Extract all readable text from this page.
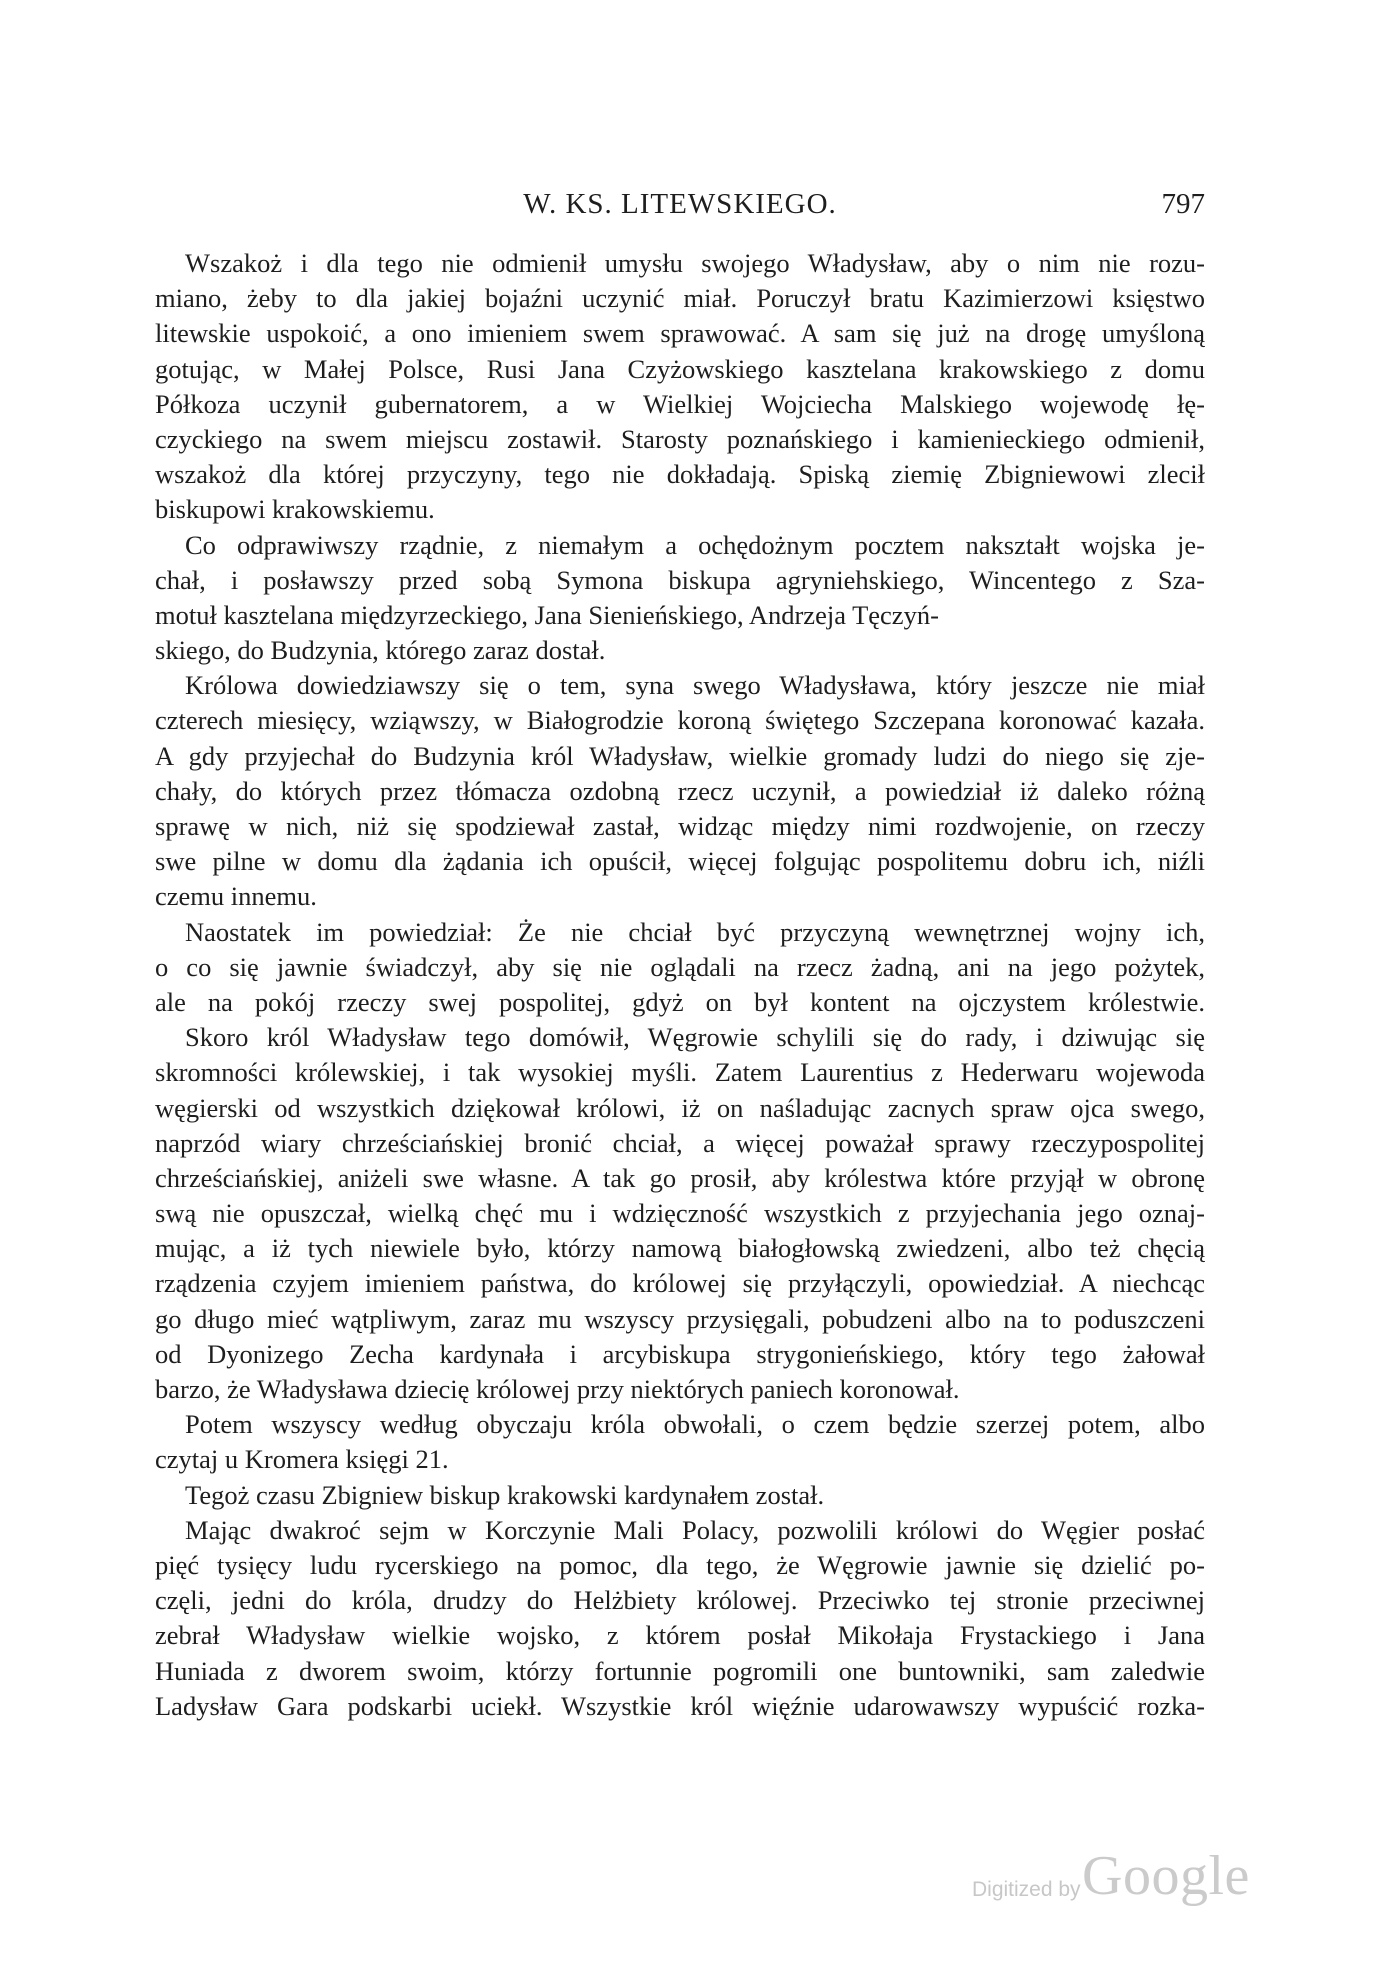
W. KS. LITEWSKIEGO.	797
Wszakoż i dla tego nie odmienił umysłu swojego Władysław, aby o nim nie rozu-
miano, żeby to dla jakiej bojaźni uczynić miał. Poruczył bratu Kazimierzowi księstwo
litewskie uspokoić, a ono imieniem swem sprawować. A sam się już na drogę umyśloną
gotując, w Małej Polsce, Rusi Jana Czyżowskiego kasztelana krakowskiego z domu
Półkoza uczynił gubernatorem, a w Wielkiej Wojciecha Malskiego wojewodę łę-
czyckiego na swem miejscu zostawił. Starosty poznańskiego i kamienieckiego odmienił,
wszakoż dla której przyczyny, tego nie dokładają. Spiską ziemię Zbigniewowi zlecił
biskupowi krakowskiemu.
Co odprawiwszy rządnie, z niemałym a ochędożnym pocztem nakształt wojska je-
chał, i posławszy przed sobą Symona biskupa agryniehskiego, Wincentego z Sza-
motuł kasztelana międzyrzeckiego, Jana Sienieńskiego, Andrzeja Tęczyń-
skiego, do Budzynia, którego zaraz dostał.
Królowa dowiedziawszy się o tem, syna swego Władysława, który jeszcze nie miał
czterech miesięcy, wziąwszy, w Białogrodzie koroną świętego Szczepana koronować kazała.
A gdy przyjechał do Budzynia król Władysław, wielkie gromady ludzi do niego się zje-
chały, do których przez tłómacza ozdobną rzecz uczynił, a powiedział iż daleko różną
sprawę w nich, niż się spodziewał zastał, widząc między nimi rozdwojenie, on rzeczy
swe pilne w domu dla żądania ich opuścił, więcej folgując pospolitemu dobru ich, niźli
czemu innemu.
Naostatek im powiedział: Że nie chciał być przyczyną wewnętrznej wojny ich,
o co się jawnie świadczył, aby się nie oglądali na rzecz żadną, ani na jego pożytek,
ale na pokój rzeczy swej pospolitej, gdyż on był kontent na ojczystem królestwie.
Skoro król Władysław tego domówił, Węgrowie schylili się do rady, i dziwując się
skromności królewskiej, i tak wysokiej myśli. Zatem Laurentius z Hederwaru wojewoda
węgierski od wszystkich dziękował królowi, iż on naśladując zacnych spraw ojca swego,
naprzód wiary chrześciańskiej bronić chciał, a więcej poważał sprawy rzeczypospolitej
chrześciańskiej, aniżeli swe własne. A tak go prosił, aby królestwa które przyjął w obronę
swą nie opuszczał, wielką chęć mu i wdzięczność wszystkich z przyjechania jego oznaj-
mując, a iż tych niewiele było, którzy namową białogłowską zwiedzeni, albo też chęcią
rządzenia czyjem imieniem państwa, do królowej się przyłączyli, opowiedział. A niechcąc
go długo mieć wątpliwym, zaraz mu wszyscy przysięgali, pobudzeni albo na to poduszczeni
od Dyonizego Zecha kardynała i arcybiskupa strygonieńskiego, który tego żałował
barzo, że Władysława dziecię królowej przy niektórych paniech koronował.
Potem wszyscy według obyczaju króla obwołali, o czem będzie szerzej potem, albo
czytaj u Kromera księgi 21.
Tegoż czasu Zbigniew biskup krakowski kardynałem został.
Mając dwakroć sejm w Korczynie Mali Polacy, pozwolili królowi do Węgier posłać
pięć tysięcy ludu rycerskiego na pomoc, dla tego, że Węgrowie jawnie się dzielić po-
częli, jedni do króla, drudzy do Helżbiety królowej. Przeciwko tej stronie przeciwnej
zebrał Władysław wielkie wojsko, z którem posłał Mikołaja Frystackiego i Jana
Huniada z dworem swoim, którzy fortunnie pogromili one buntowniki, sam zaledwie
Ladysław Gara podskarbi uciekł. Wszystkie król więźnie udarowawszy wypuścić rozka-
Digitized by Google
